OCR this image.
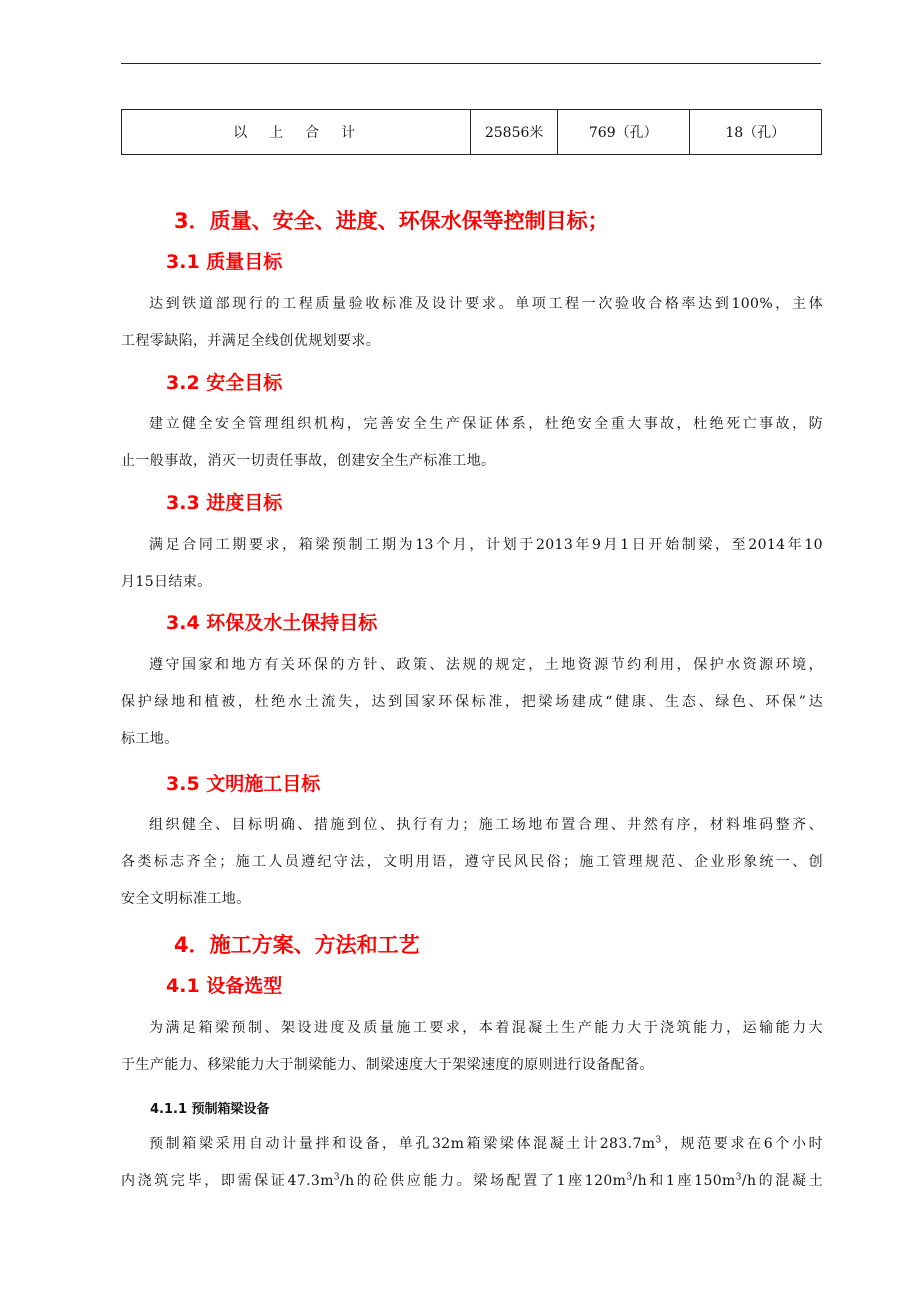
以　上　合　计	25856米	769（孔）	18（孔）
3．质量、安全、进度、环保水保等控制目标；
3.1 质量目标
达到铁道部现行的工程质量验收标准及设计要求。单项工程一次验收合格率达到100%，主体
工程零缺陷，并满足全线创优规划要求。
3.2 安全目标
建立健全安全管理组织机构，完善安全生产保证体系，杜绝安全重大事故，杜绝死亡事故，防
止一般事故，消灭一切责任事故，创建安全生产标准工地。
3.3 进度目标
满足合同工期要求，箱梁预制工期为13个月，计划于2013年9月1日开始制梁，至2014年10
月15日结束。
3.4 环保及水土保持目标
遵守国家和地方有关环保的方针、政策、法规的规定，土地资源节约利用，保护水资源环境，
保护绿地和植被，杜绝水土流失，达到国家环保标准，把梁场建成“健康、生态、绿色、环保”达
标工地。
3.5 文明施工目标
组织健全、目标明确、措施到位、执行有力；施工场地布置合理、井然有序，材料堆码整齐、
各类标志齐全；施工人员遵纪守法，文明用语，遵守民风民俗；施工管理规范、企业形象统一、创
安全文明标准工地。
4．施工方案、方法和工艺
4.1 设备选型
为满足箱梁预制、架设进度及质量施工要求，本着混凝土生产能力大于浇筑能力，运输能力大
于生产能力、移梁能力大于制梁能力、制梁速度大于架梁速度的原则进行设备配备。
4.1.1 预制箱梁设备
预制箱梁采用自动计量拌和设备，单孔32m箱梁梁体混凝土计$283.7m^3$，规范要求在6个小时
内浇筑完毕，即需保证$47.3m^3/h$的砼供应能力。梁场配置了1座$120m^3/h$和1座$150m^3/h$的混凝土
